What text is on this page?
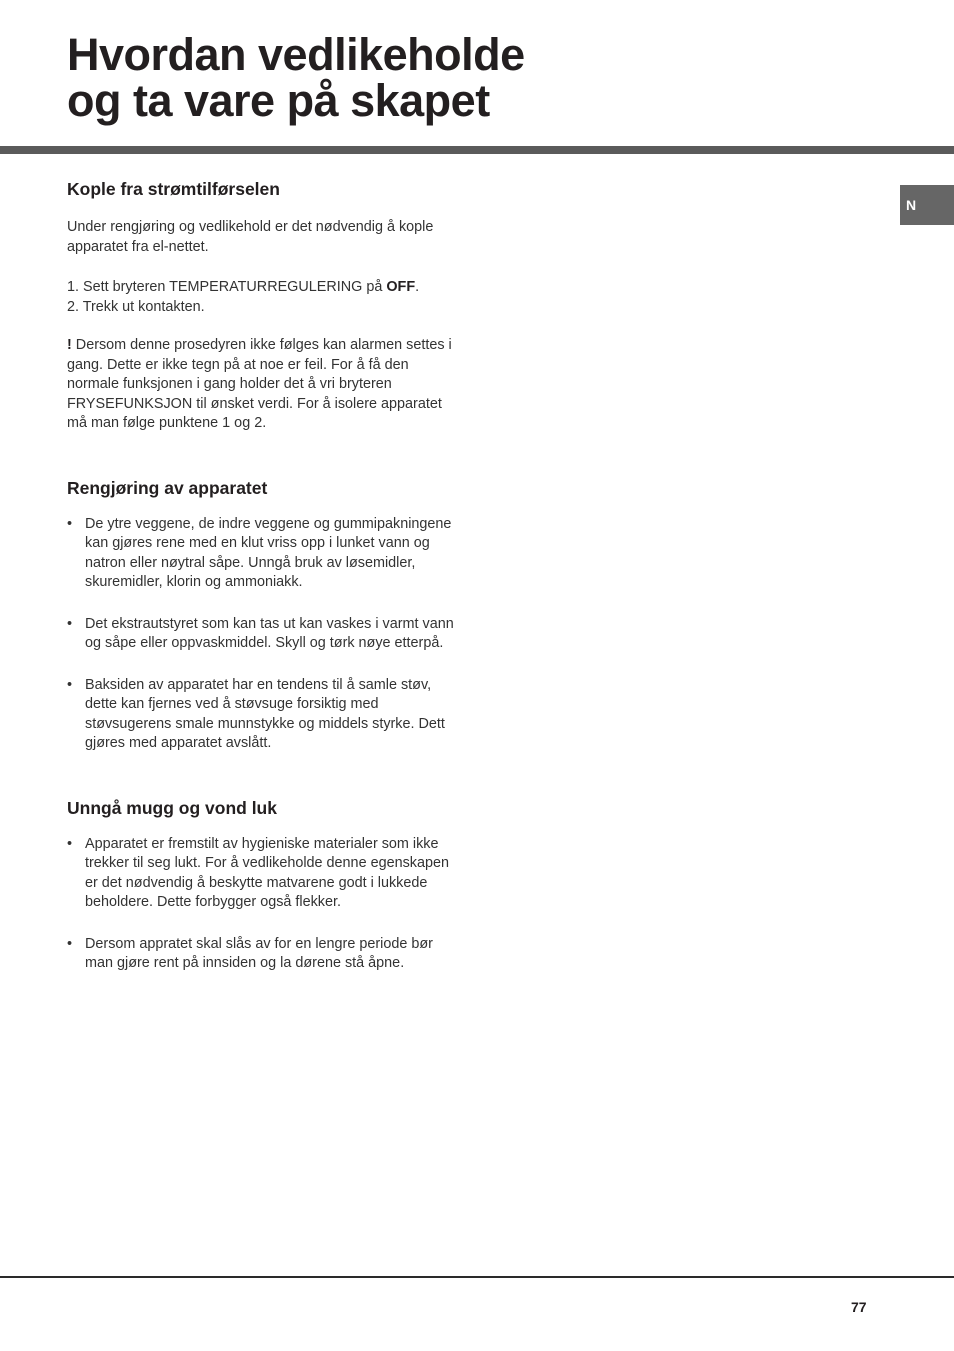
Hvordan vedlikeholde
og ta vare på skapet
N
Kople fra strømtilførselen

Under rengjøring og vedlikehold er det nødvendig å kople apparatet fra el-nettet.

1. Sett bryteren TEMPERATURREGULERING på OFF.

2. Trekk ut kontakten.

! Dersom denne prosedyren ikke følges kan alarmen settes i gang. Dette er ikke tegn på at noe er feil. For å få den normale funksjonen i gang holder det å vri bryteren FRYSEFUNKSJON til ønsket verdi. For å isolere apparatet må man følge punktene 1 og 2.

Rengjøring av apparatet
• De ytre veggene, de indre veggene og gummipakningene kan gjøres rene med en klut vriss opp i lunket vann og natron eller nøytral såpe. Unngå bruk av løsemidler, skuremidler, klorin og ammoniakk.
• Det ekstrautstyret som kan tas ut kan vaskes i varmt vann og såpe eller oppvaskmiddel. Skyll og tørk nøye etterpå.
• Baksiden av apparatet har en tendens til å samle støv, dette kan fjernes ved å støvsuge forsiktig med støvsugerens smale munnstykke og middels styrke. Dett gjøres med apparatet avslått.
Unngå mugg og vond luk
• Apparatet er fremstilt av hygieniske materialer som ikke trekker til seg lukt. For å vedlikeholde denne egenskapen er det nødvendig å beskytte matvarene godt i lukkede beholdere. Dette forbygger også flekker.
• Dersom appratet skal slås av for en lengre periode bør man gjøre rent på innsiden og la dørene stå åpne.
77
